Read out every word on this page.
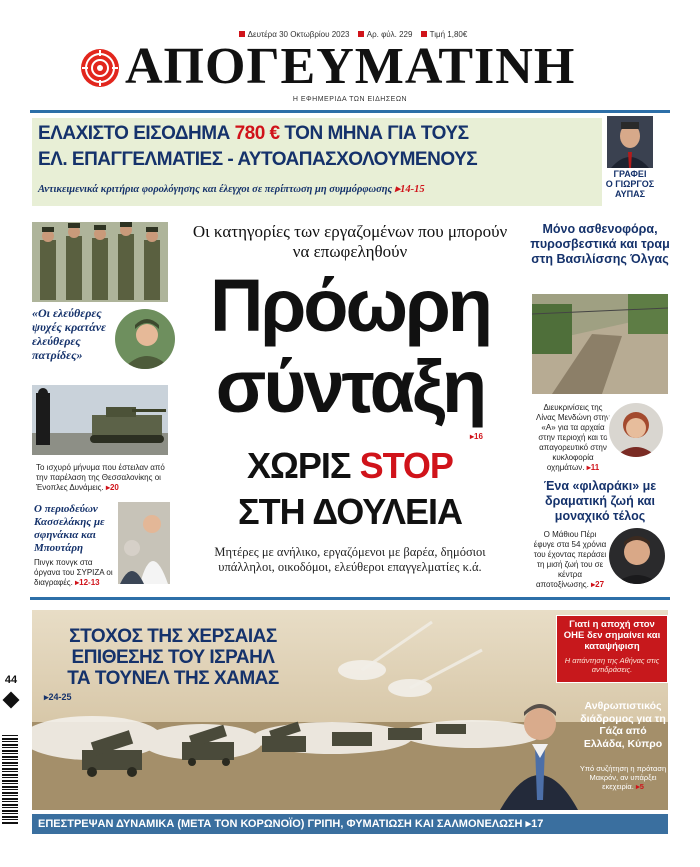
Δευτέρα 30 Οκτωβρίου 2023 Αρ. φύλ. 229 Τιμή 1,80€
ΑΠΟΓΕΥΜΑΤΙΝΗ
Η ΕΦΗΜΕΡΙΔΑ ΤΩΝ ΕΙΔΗΣΕΩΝ
ΕΛΑΧΙΣΤΟ ΕΙΣΟΔΗΜΑ 780 € ΤΟΝ ΜΗΝΑ ΓΙΑ ΤΟΥΣ
ΕΛ. ΕΠΑΓΓΕΛΜΑΤΙΕΣ - ΑΥΤΟΑΠΑΣΧΟΛΟΥΜΕΝΟΥΣ
Αντικειμενικά κριτήρια φορολόγησης και έλεγχοι σε περίπτωση μη συμμόρφωσης ▸14-15
ΓΡΑΦΕΙ
Ο ΓΙΩΡΓΟΣ
ΑΥΠΑΣ
«Οι ελεύθερες ψυχές κρατάνε ελεύθερες πατρίδες»
Το ισχυρό μήνυμα που έστειλαν από την παρέλαση της Θεσσαλονίκης οι Ένοπλες Δυνάμεις. ▸20
Ο περιοδεύων Κασσελάκης με σφηνάκια και Μπουτάρη
Πινγκ πονγκ στα όργανα του ΣΥΡΙΖΑ οι διαγραφές. ▸12-13
Οι κατηγορίες των εργαζομένων που μπορούν να επωφεληθούν
Πρόωρη
σύνταξη
▸16
ΧΩΡΙΣ STOP
ΣΤΗ ΔΟΥΛΕΙΑ
Μητέρες με ανήλικο, εργαζόμενοι με βαρέα, δημόσιοι υπάλληλοι, οικοδόμοι, ελεύθεροι επαγγελματίες κ.ά.
Μόνο ασθενοφόρα, πυροσβεστικά και τραμ στη Βασιλίσσης Όλγας
Διευκρινίσεις της Λίνας Μενδώνη στην «Α» για τα αρχαία στην περιοχή και το απαγορευτικό στην κυκλοφορία οχημάτων. ▸11
Ένα «φιλαράκι» με δραματική ζωή και μοναχικό τέλος
Ο Μάθιου Πέρι έφυγε στα 54 χρόνια του έχοντας περάσει τη μισή ζωή του σε κέντρα αποτοξίνωσης. ▸27
ΣΤΟΧΟΣ ΤΗΣ ΧΕΡΣΑΙΑΣ
ΕΠΙΘΕΣΗΣ ΤΟΥ ΙΣΡΑΗΛ
ΤΑ ΤΟΥΝΕΛ ΤΗΣ ΧΑΜΑΣ
▸24-25
Γιατί η αποχή στον ΟΗΕ δεν σημαίνει και καταψήφιση
Η απάντηση της Αθήνας στις αντιδράσεις.
Ανθρωπιστικός διάδρομος για τη Γάζα από Ελλάδα, Κύπρο
Υπό συζήτηση η πρόταση Μακρόν, αν υπάρξει εκεχειρία. ▸5
ΕΠΕΣΤΡΕΨΑΝ ΔΥΝΑΜΙΚΑ (ΜΕΤΑ ΤΟΝ ΚΟΡΩΝΟΪΟ) ΓΡΙΠΗ, ΦΥΜΑΤΙΩΣΗ ΚΑΙ ΣΑΛΜΟΝΕΛΩΣΗ ▸17
44
